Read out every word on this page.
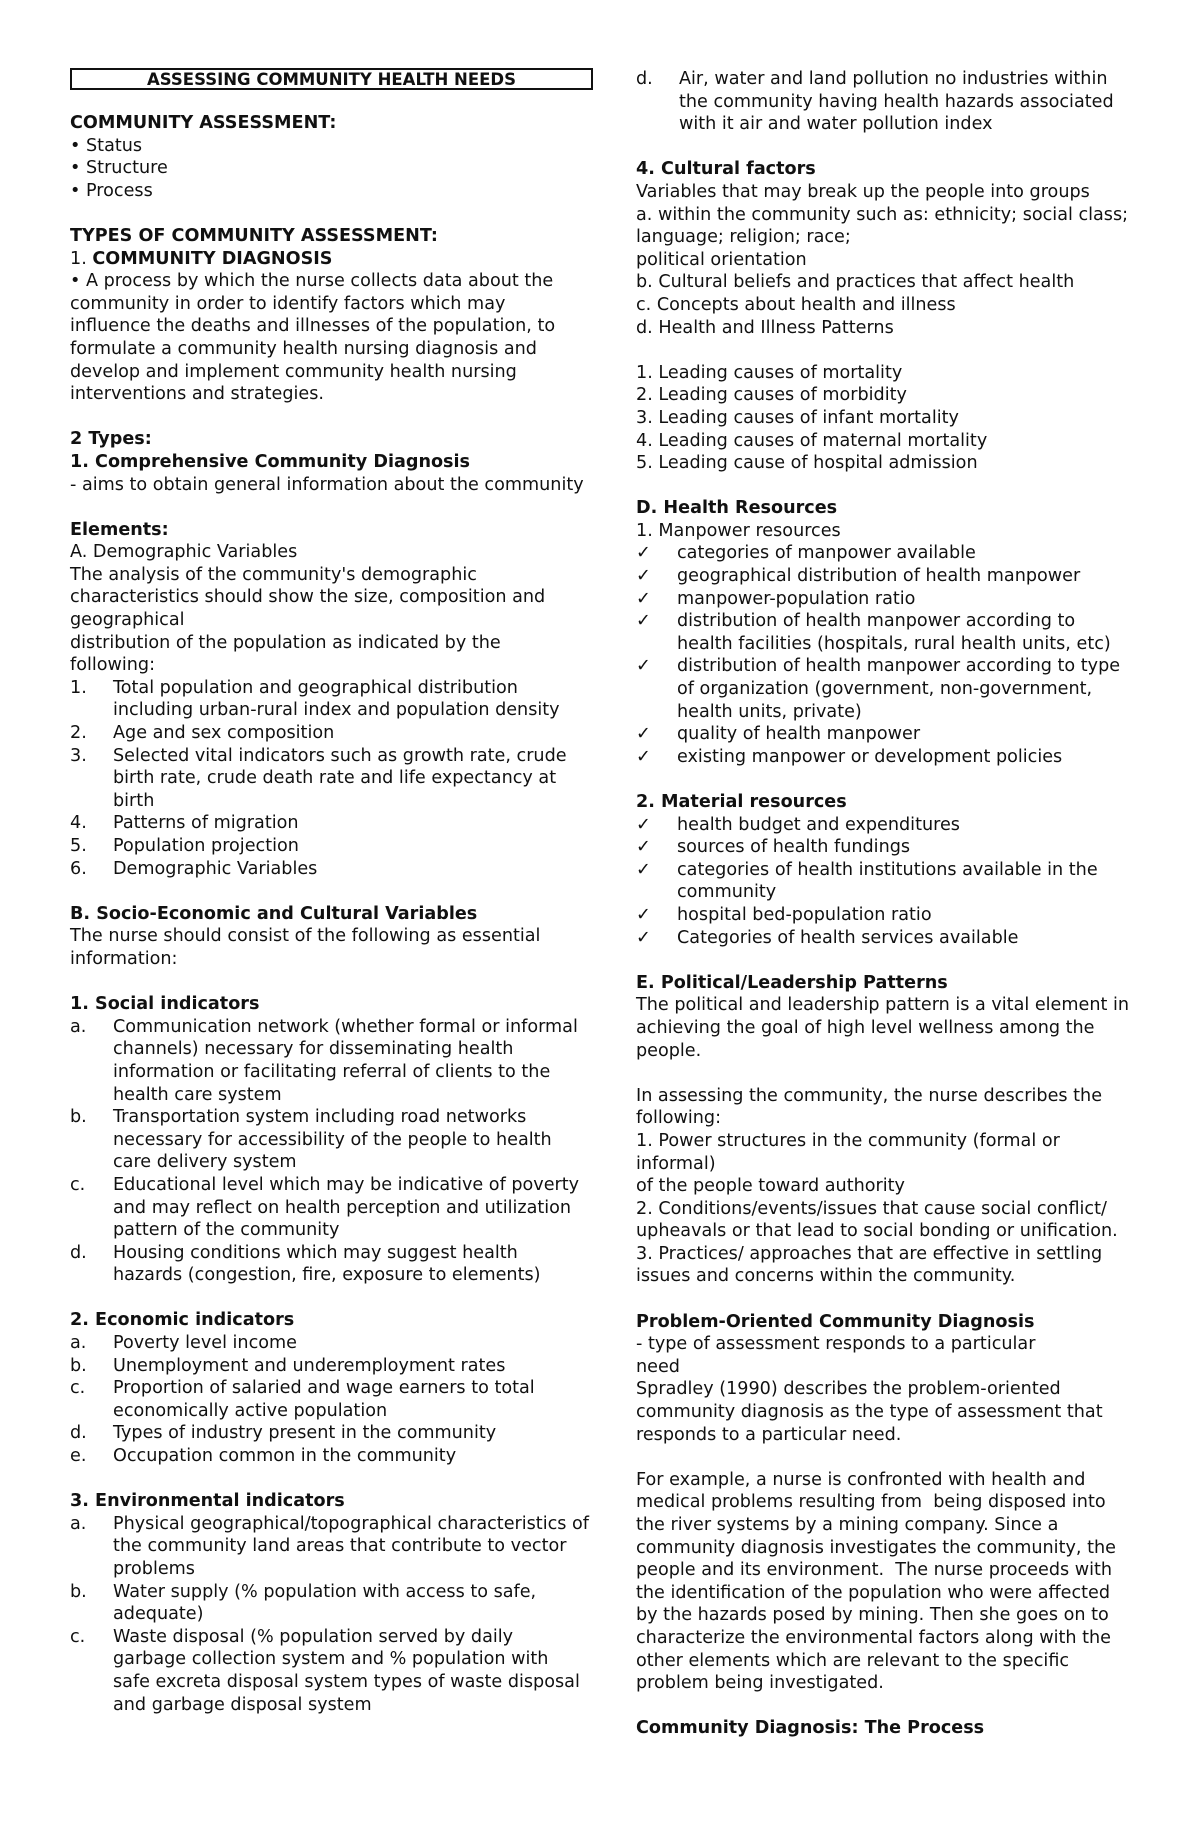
ASSESSING COMMUNITY HEALTH NEEDS

COMMUNITY ASSESSMENT:

• Status
• Structure
• Process

TYPES OF COMMUNITY ASSESSMENT:

1. COMMUNITY DIAGNOSIS

• A process by which the nurse collects data about the community in order to identify factors which may influence the deaths and illnesses of the population, to formulate a community health nursing diagnosis and develop and implement community health nursing interventions and strategies.

2 Types:

1. Comprehensive Community Diagnosis

- aims to obtain general information about the community

Elements:

A. Demographic Variables

The analysis of the community's demographic characteristics should show the size, composition and geographical

distribution of the population as indicated by the following:

1.	Total population and geographical distribution including urban-rural index and population density
2.	Age and sex composition
3.	Selected vital indicators such as growth rate, crude birth rate, crude death rate and life expectancy at birth
4.	Patterns of migration
5.	Population projection
6.	Demographic Variables

B. Socio-Economic and Cultural Variables

The nurse should consist of the following as essential information:

1. Social indicators

a.	Communication network (whether formal or informal channels) necessary for disseminating health information or facilitating referral of clients to the health care system
b.	Transportation system including road networks necessary for accessibility of the people to health care delivery system
c.	Educational level which may be indicative of poverty and may reflect on health perception and utilization pattern of the community
d.	Housing conditions which may suggest health hazards (congestion, fire, exposure to elements)

2. Economic indicators

a.	Poverty level income
b.	Unemployment and underemployment rates
c.	Proportion of salaried and wage earners to total economically active population
d.	Types of industry present in the community
e.	Occupation common in the community

3. Environmental indicators

a.	Physical geographical/topographical characteristics of the community land areas that contribute to vector problems
b.	Water supply (% population with access to safe, adequate)
c.	Waste disposal (% population served by daily garbage collection system and % population with safe excreta disposal system types of waste disposal and garbage disposal system
d.	Air, water and land pollution no industries within the community having health hazards associated with it air and water pollution index

4. Cultural factors

Variables that may break up the people into groups

a. within the community such as: ethnicity; social class; language; religion; race;

political orientation

b. Cultural beliefs and practices that affect health

c. Concepts about health and illness

d. Health and Illness Patterns

1. Leading causes of mortality

2. Leading causes of morbidity

3. Leading causes of infant mortality

4. Leading causes of maternal mortality

5. Leading cause of hospital admission

D. Health Resources

1. Manpower resources

✓	categories of manpower available
✓	geographical distribution of health manpower
✓	manpower-population ratio
✓	distribution of health manpower according to health facilities (hospitals, rural health units, etc)
✓	distribution of health manpower according to type of organization (government, non-government, health units, private)
✓	quality of health manpower
✓	existing manpower or development policies

2. Material resources

✓	health budget and expenditures
✓	sources of health fundings
✓	categories of health institutions available in the community
✓	hospital bed-population ratio
✓	Categories of health services available

E. Political/Leadership Patterns

The political and leadership pattern is a vital element in achieving the goal of high level wellness among the people.

In assessing the community, the nurse describes the following:

1. Power structures in the community (formal or informal)

of the people toward authority

2. Conditions/events/issues that cause social conflict/ upheavals or that lead to social bonding or unification.

3. Practices/ approaches that are effective in settling issues and concerns within the community.

Problem-Oriented Community Diagnosis

- type of assessment responds to a particular

need

Spradley (1990) describes the problem-oriented community diagnosis as the type of assessment that responds to a particular need.

For example, a nurse is confronted with health and medical problems resulting from  being disposed into the river systems by a mining company. Since a community diagnosis investigates the community, the people and its environment.  The nurse proceeds with the identification of the population who were affected by the hazards posed by mining. Then she goes on to characterize the environmental factors along with the other elements which are relevant to the specific problem being investigated.

Community Diagnosis: The Process
